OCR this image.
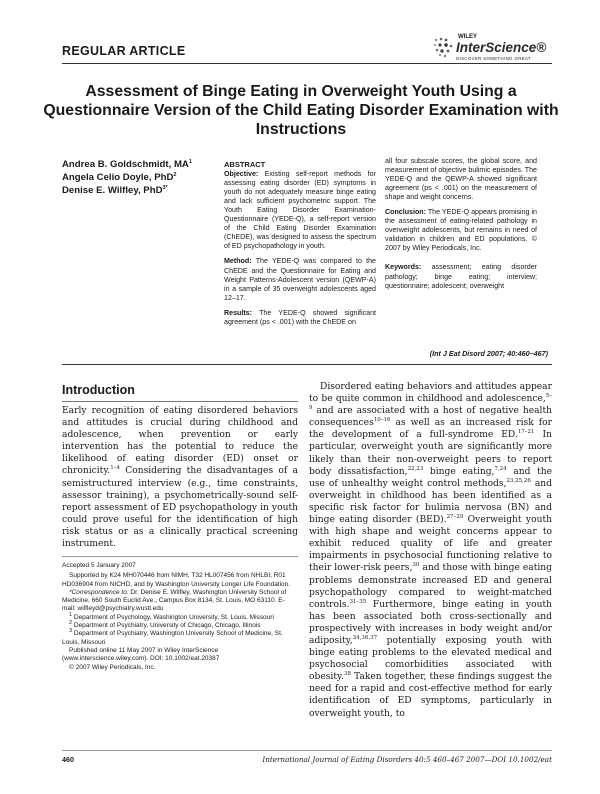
REGULAR ARTICLE
WILEY
InterScience®
DISCOVER SOMETHING GREAT
Assessment of Binge Eating in Overweight Youth Using a Questionnaire Version of the Child Eating Disorder Examination with Instructions
Andrea B. Goldschmidt, $MA^1$
Angela Celio Doyle, PhD$^2$
Denise E. Wilfley, PhD$^{3*}$

ABSTRACT

Objective: Existing self-report methods for assessing eating disorder (ED) symptoms in youth do not adequately measure binge eating and lack sufficient psychometric support. The Youth Eating Disorder Examination-Questionnaire (YEDE-Q), a self-report version of the Child Eating Disorder Examination (ChEDE), was designed to assess the spectrum of ED psychopathology in youth.

Method: The YEDE-Q was compared to the ChEDE and the Questionnaire for Eating and Weight Patterns-Adolescent version (QEWP-A) in a sample of 35 overweight adolescents aged 12–17.

Results: The YEDE-Q showed significant agreement (ps < .001) with the ChEDE on

all four subscale scores, the global score, and measurement of objective bulimic episodes. The YEDE-Q and the QEWP-A showed significant agreement (ps < .001) on the measurement of shape and weight concerns.

Conclusion: The YEDE-Q appears promising in the assessment of eating-related pathology in overweight adolescents, but remains in need of validation in children and ED populations. © 2007 by Wiley Periodicals, Inc.

Keywords: assessment; eating disorder pathology; binge eating; interview; questionnaire; adolescent; overweight

(Int J Eat Disord 2007; 40:460–467)
Introduction

Early recognition of eating disordered behaviors and attitudes is crucial during childhood and adolescence, when prevention or early intervention has the potential to reduce the likelihood of eating disorder (ED) onset or chronicity.$^{1-4}$ Considering the disadvantages of a semistructured interview (e.g., time constraints, assessor training), a psychometrically-sound self-report assessment of ED psychopathology in youth could prove useful for the identification of high risk status or as a clinically practical screening instrument.

Accepted 5 January 2007

Supported by K24 MH070446 from NIMH, T32 HL007456 from NHLBI, R01 HD036904 from NICHD, and by Washington University Longer Life Foundation.

*Correspondence to: Dr. Denise E. Wilfley, Washington University School of Medicine, 660 South Euclid Ave., Campus Box 8134, St. Louis, MO 63110. E-mail: wilfleyd@psychiatry.wustl.edu

$^1$ Department of Psychology, Washington University, St. Louis, Missouri

$^2$ Department of Psychiatry, University of Chicago, Chicago, Illinois

$^3$ Department of Psychiatry, Washington University School of Medicine, St. Louis, Missouri

Published online 11 May 2007 in Wiley InterScience (www.interscience.wiley.com). DOI: 10.1002/eat.20387

© 2007 Wiley Periodicals, Inc.

Disordered eating behaviors and attitudes appear to be quite common in childhood and adolescence,$^{5-9}$ and are associated with a host of negative health consequences$^{10-16}$ as well as an increased risk for the development of a full-syndrome ED.$^{17-21}$ In particular, overweight youth are significantly more likely than their non-overweight peers to report body dissatisfaction,$^{22,23}$ binge eating,$^{7,24}$ and the use of unhealthy weight control methods,$^{23,25,26}$ and overweight in childhood has been identified as a specific risk factor for bulimia nervosa (BN) and binge eating disorder (BED).$^{27-29}$ Overweight youth with high shape and weight concerns appear to exhibit reduced quality of life and greater impairments in psychosocial functioning relative to their lower-risk peers,$^{30}$ and those with binge eating problems demonstrate increased ED and general psychopathology compared to weight-matched controls.$^{31-35}$ Furthermore, binge eating in youth has been associated both cross-sectionally and prospectively with increases in body weight and/or adiposity,$^{34,36,37}$ potentially exposing youth with binge eating problems to the elevated medical and psychosocial comorbidities associated with obesity.$^{38}$ Taken together, these findings suggest the need for a rapid and cost-effective method for early identification of ED symptoms, particularly in overweight youth, to

460	International Journal of Eating Disorders 40:5 460–467 2007—DOI 10.1002/eat
